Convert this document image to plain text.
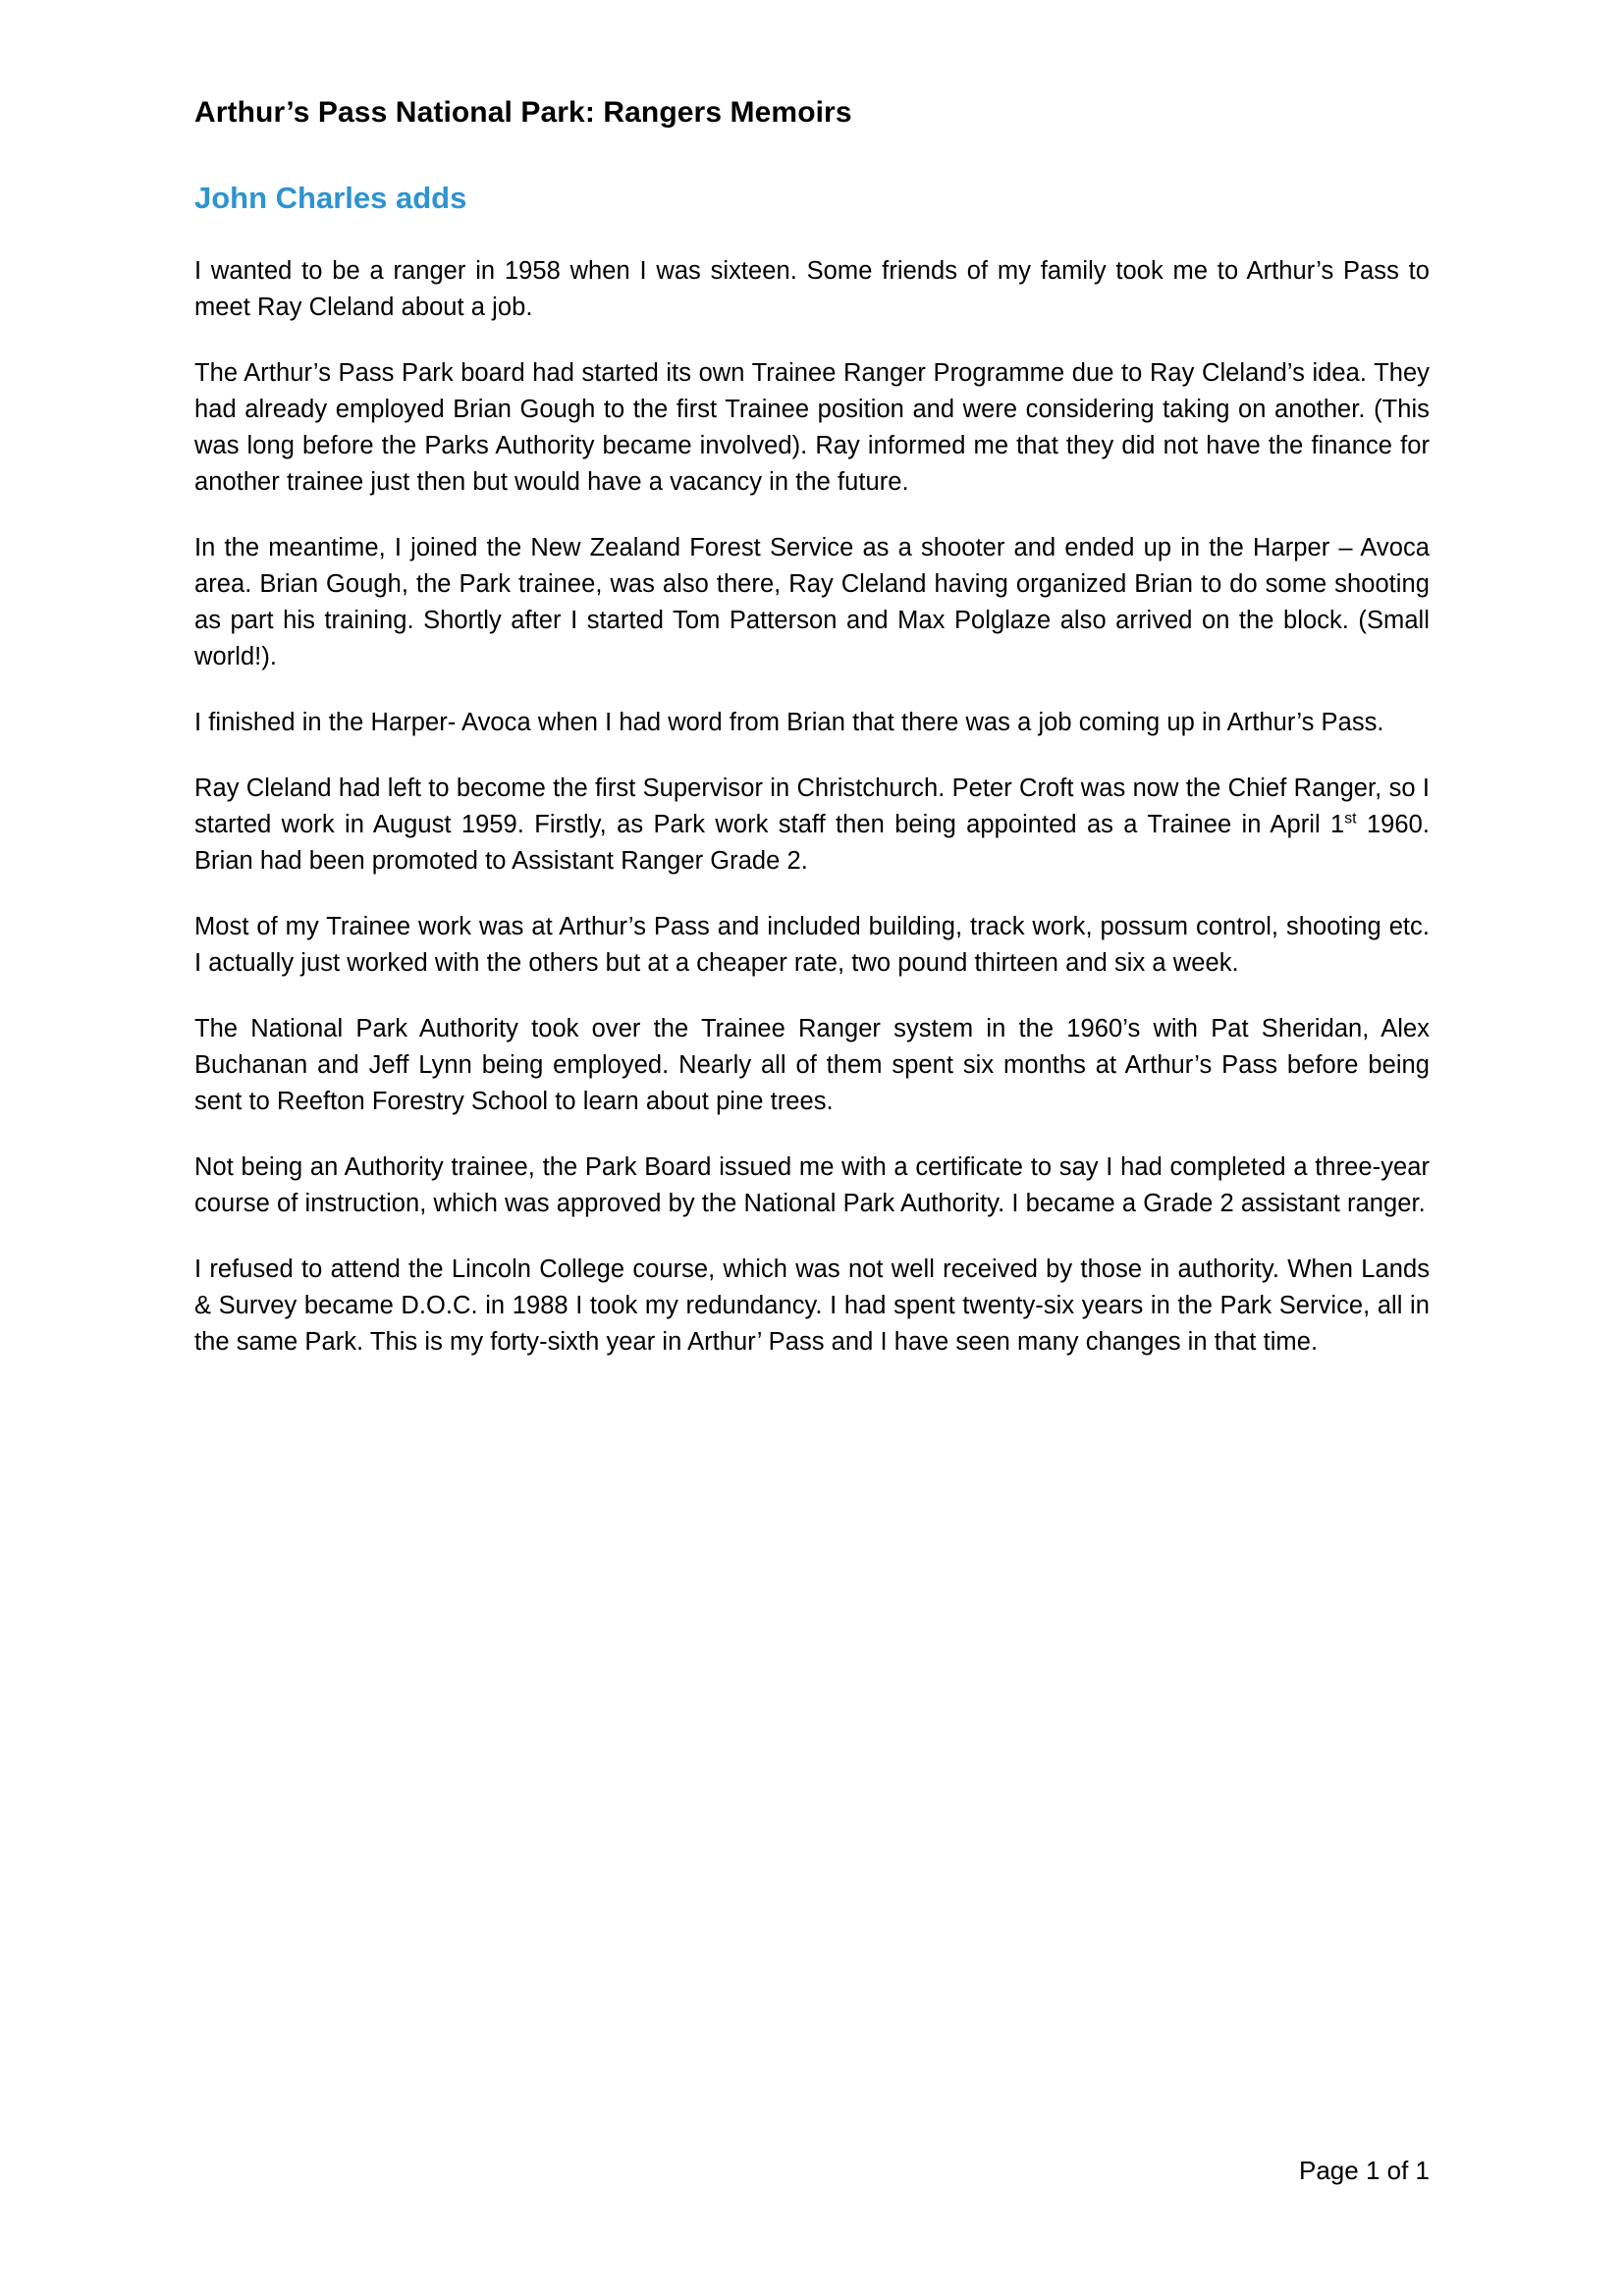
Arthur’s Pass National Park: Rangers Memoirs
John Charles adds

I wanted to be a ranger in 1958 when I was sixteen. Some friends of my family took me to Arthur’s Pass to meet Ray Cleland about a job.

The Arthur’s Pass Park board had started its own Trainee Ranger Programme due to Ray Cleland’s idea. They had already employed Brian Gough to the first Trainee position and were considering taking on another. (This was long before the Parks Authority became involved). Ray informed me that they did not have the finance for another trainee just then but would have a vacancy in the future.

In the meantime, I joined the New Zealand Forest Service as a shooter and ended up in the Harper – Avoca area. Brian Gough, the Park trainee, was also there, Ray Cleland having organized Brian to do some shooting as part his training. Shortly after I started Tom Patterson and Max Polglaze also arrived on the block. (Small world!).

I finished in the Harper- Avoca when I had word from Brian that there was a job coming up in Arthur’s Pass.

Ray Cleland had left to become the first Supervisor in Christchurch. Peter Croft was now the Chief Ranger, so I started work in August 1959. Firstly, as Park work staff then being appointed as a Trainee in April 1st 1960. Brian had been promoted to Assistant Ranger Grade 2.

Most of my Trainee work was at Arthur’s Pass and included building, track work, possum control, shooting etc. I actually just worked with the others but at a cheaper rate, two pound thirteen and six a week.

The National Park Authority took over the Trainee Ranger system in the 1960’s with Pat Sheridan, Alex Buchanan and Jeff Lynn being employed. Nearly all of them spent six months at Arthur’s Pass before being sent to Reefton Forestry School to learn about pine trees.

Not being an Authority trainee, the Park Board issued me with a certificate to say I had completed a three-year course of instruction, which was approved by the National Park Authority. I became a Grade 2 assistant ranger.

I refused to attend the Lincoln College course, which was not well received by those in authority. When Lands & Survey became D.O.C. in 1988 I took my redundancy. I had spent twenty-six years in the Park Service, all in the same Park. This is my forty-sixth year in Arthur’ Pass and I have seen many changes in that time.

Page 1 of 1
